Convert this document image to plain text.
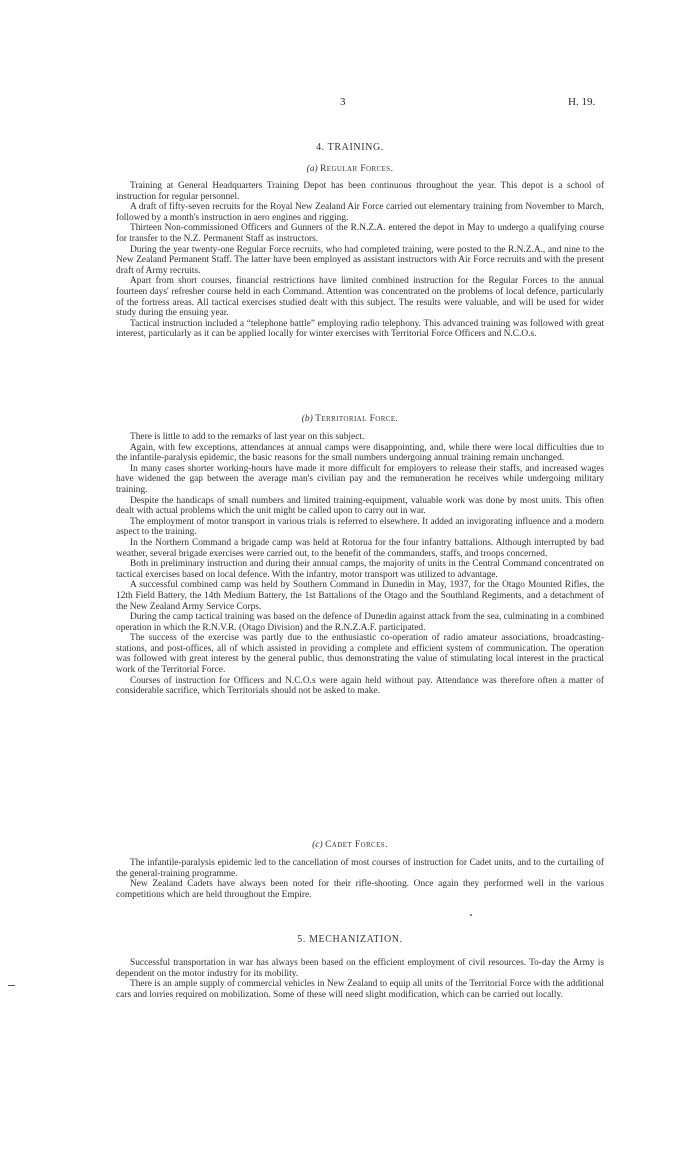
3	H. 19.
4. TRAINING.
(a) Regular Forces.

Training at General Headquarters Training Depot has been continuous throughout the year. This depot is a school of instruction for regular personnel.

A draft of fifty-seven recruits for the Royal New Zealand Air Force carried out elementary training from November to March, followed by a month's instruction in aero engines and rigging.

Thirteen Non-commissioned Officers and Gunners of the R.N.Z.A. entered the depot in May to undergo a qualifying course for transfer to the N.Z. Permanent Staff as instructors.

During the year twenty-one Regular Force recruits, who had completed training, were posted to the R.N.Z.A., and nine to the New Zealand Permanent Staff. The latter have been employed as assistant instructors with Air Force recruits and with the present draft of Army recruits.

Apart from short courses, financial restrictions have limited combined instruction for the Regular Forces to the annual fourteen days' refresher course held in each Command. Attention was concentrated on the problems of local defence, particularly of the fortress areas. All tactical exercises studied dealt with this subject. The results were valuable, and will be used for wider study during the ensuing year.

Tactical instruction included a “telephone battle” employing radio telephony. This advanced training was followed with great interest, particularly as it can be applied locally for winter exercises with Territorial Force Officers and N.C.O.s.

(b) Territorial Force.

There is little to add to the remarks of last year on this subject.

Again, with few exceptions, attendances at annual camps were disappointing, and, while there were local difficulties due to the infantile-paralysis epidemic, the basic reasons for the small numbers undergoing annual training remain unchanged.

In many cases shorter working-hours have made it more difficult for employers to release their staffs, and increased wages have widened the gap between the average man's civilian pay and the remuneration he receives while undergoing military training.

Despite the handicaps of small numbers and limited training-equipment, valuable work was done by most units. This often dealt with actual problems which the unit might be called upon to carry out in war.

The employment of motor transport in various trials is referred to elsewhere. It added an invigorating influence and a modern aspect to the training.

In the Northern Command a brigade camp was held at Rotorua for the four infantry battalions. Although interrupted by bad weather, several brigade exercises were carried out, to the benefit of the commanders, staffs, and troops concerned.

Both in preliminary instruction and during their annual camps, the majority of units in the Central Command concentrated on tactical exercises based on local defence. With the infantry, motor transport was utilized to advantage.

A successful combined camp was held by Southern Command in Dunedin in May, 1937, for the Otago Mounted Rifles, the 12th Field Battery, the 14th Medium Battery, the 1st Battalions of the Otago and the Southland Regiments, and a detachment of the New Zealand Army Service Corps.

During the camp tactical training was based on the defence of Dunedin against attack from the sea, culminating in a combined operation in which the R.N.V.R. (Otago Division) and the R.N.Z.A.F. participated.

The success of the exercise was partly due to the enthusiastic co-operation of radio amateur associations, broadcasting-stations, and post-offices, all of which assisted in providing a complete and efficient system of communication. The operation was followed with great interest by the general public, thus demonstrating the value of stimulating local interest in the practical work of the Territorial Force.

Courses of instruction for Officers and N.C.O.s were again held without pay. Attendance was therefore often a matter of considerable sacrifice, which Territorials should not be asked to make.

(c) Cadet Forces.

The infantile-paralysis epidemic led to the cancellation of most courses of instruction for Cadet units, and to the curtailing of the general-training programme.

New Zealand Cadets have always been noted for their rifle-shooting. Once again they performed well in the various competitions which are held throughout the Empire.

5. MECHANIZATION.

Successful transportation in war has always been based on the efficient employment of civil resources. To-day the Army is dependent on the motor industry for its mobility.

There is an ample supply of commercial vehicles in New Zealand to equip all units of the Territorial Force with the additional cars and lorries required on mobilization. Some of these will need slight modification, which can be carried out locally.
